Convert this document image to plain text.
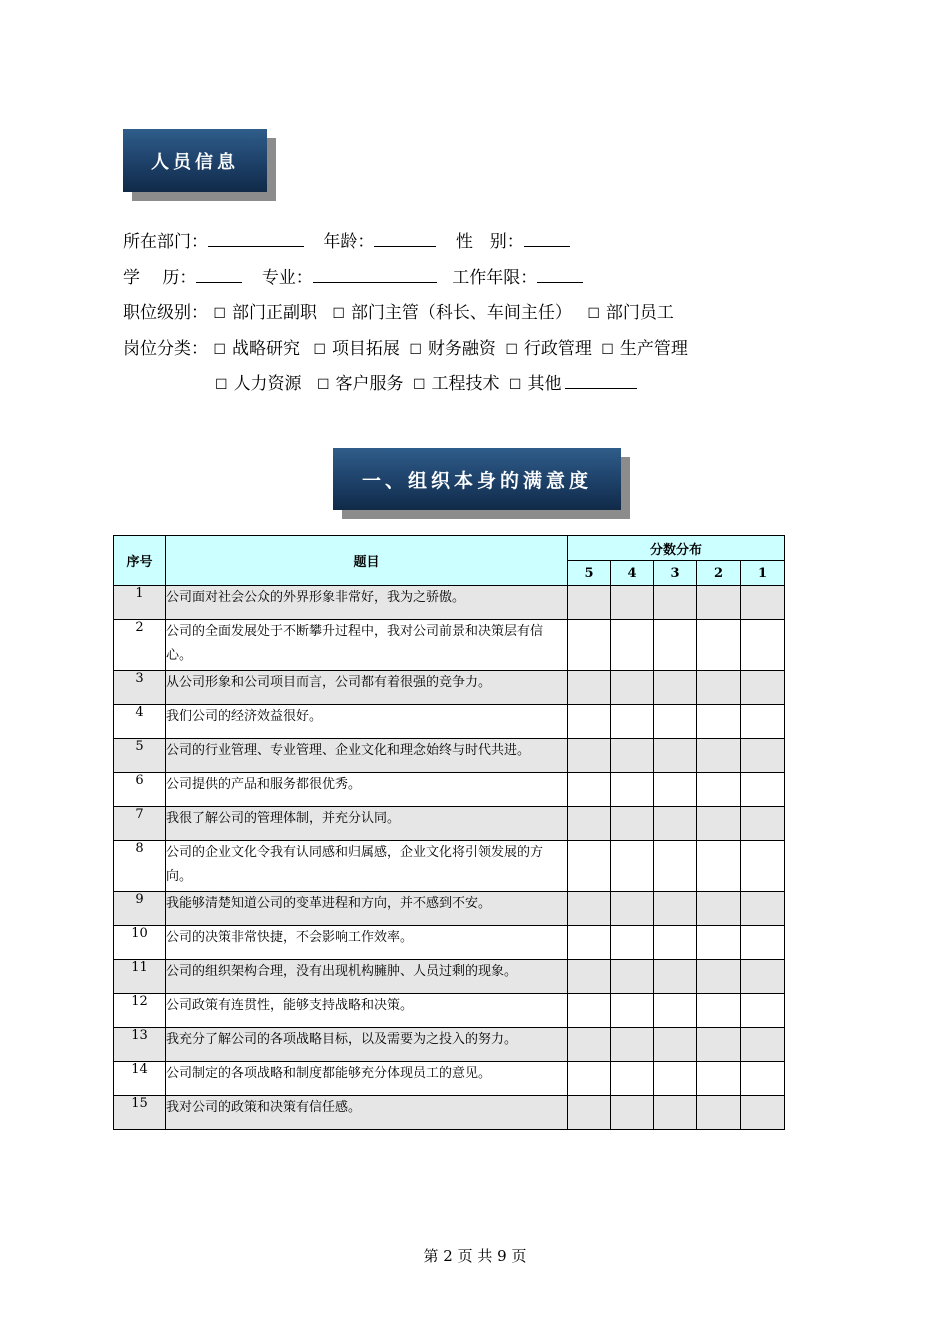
人员信息
所在部门：	年龄：	性　别：
学　 历：	专业：	工作年限：
职位级别： ☐ 部门正副职 ☐ 部门主管（科长、车间主任） ☐ 部门员工
岗位分类： ☐ 战略研究 ☐ 项目拓展 ☐ 财务融资 ☐ 行政管理 ☐ 生产管理
☐ 人力资源 ☐ 客户服务 ☐ 工程技术 ☐ 其他
一、组织本身的满意度
序号	题目	分数分布				
		5	4	3	2	1
1	公司面对社会公众的外界形象非常好，我为之骄傲。					
2	公司的全面发展处于不断攀升过程中，我对公司前景和决策层有信心。					
3	从公司形象和公司项目而言，公司都有着很强的竞争力。					
4	我们公司的经济效益很好。					
5	公司的行业管理、专业管理、企业文化和理念始终与时代共进。					
6	公司提供的产品和服务都很优秀。					
7	我很了解公司的管理体制，并充分认同。					
8	公司的企业文化令我有认同感和归属感，企业文化将引领发展的方向。					
9	我能够清楚知道公司的变革进程和方向，并不感到不安。					
10	公司的决策非常快捷，不会影响工作效率。					
11	公司的组织架构合理，没有出现机构臃肿、人员过剩的现象。					
12	公司政策有连贯性，能够支持战略和决策。					
13	我充分了解公司的各项战略目标，以及需要为之投入的努力。					
14	公司制定的各项战略和制度都能够充分体现员工的意见。					
15	我对公司的政策和决策有信任感。					
第 2 页 共 9 页
